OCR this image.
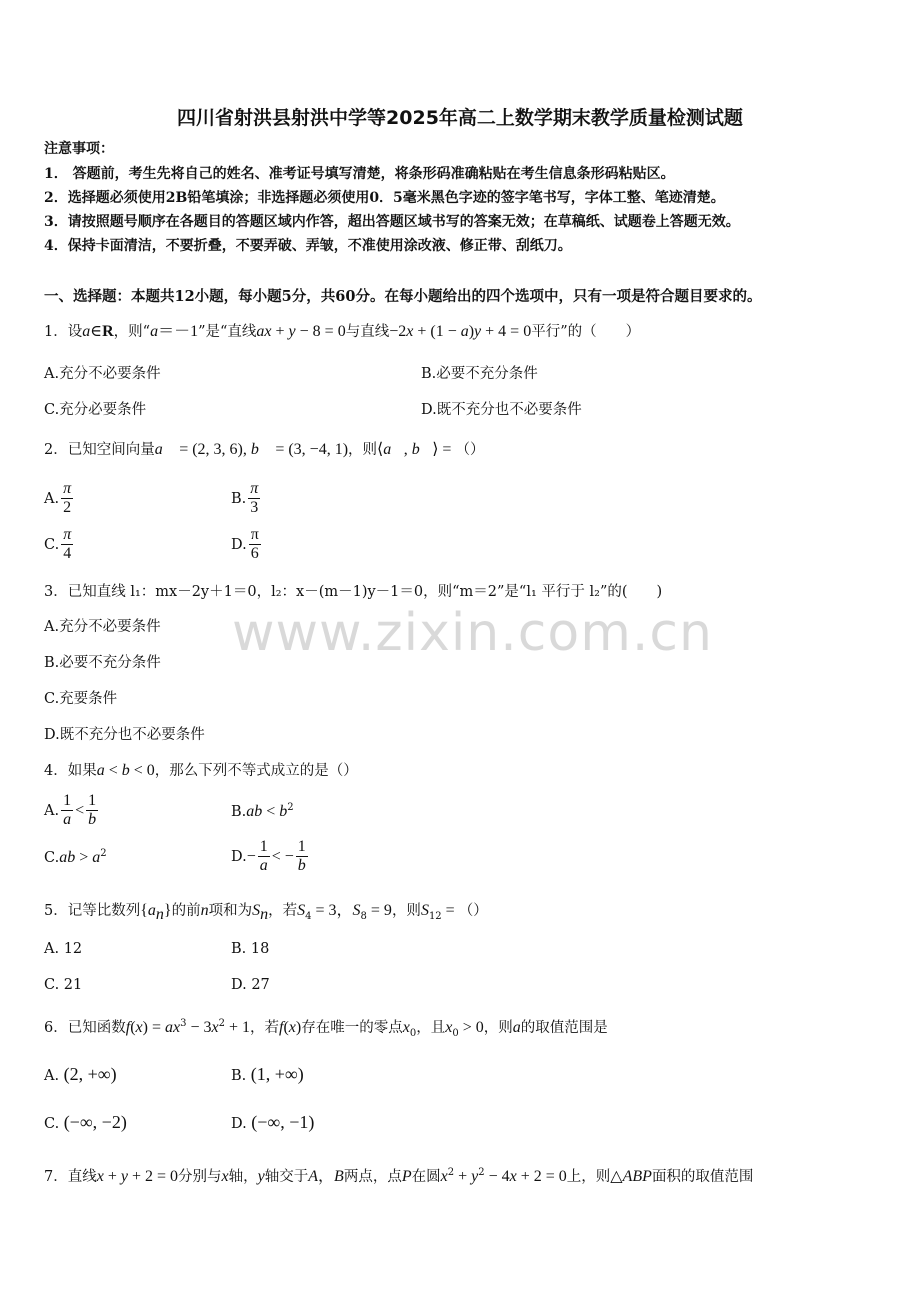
www.zixin.com.cn
四川省射洪县射洪中学等2025年高二上数学期末教学质量检测试题
注意事项：
1． 答题前，考生先将自己的姓名、准考证号填写清楚，将条形码准确粘贴在考生信息条形码粘贴区。
2．选择题必须使用2B铅笔填涂；非选择题必须使用0．5毫米黑色字迹的签字笔书写，字体工整、笔迹清楚。
3．请按照题号顺序在各题目的答题区域内作答，超出答题区域书写的答案无效；在草稿纸、试题卷上答题无效。
4．保持卡面清洁，不要折叠，不要弄破、弄皱，不准使用涂改液、修正带、刮纸刀。
一、选择题：本题共12小题，每小题5分，共60分。在每小题给出的四个选项中，只有一项是符合题目要求的。
1．设a∈R，则“a＝－1”是“直线ax + y − 8 = 0与直线−2x + (1 − a)y + 4 = 0平行”的（　　）
A.充分不必要条件	B.必要不充分条件
C.充分必要条件	D.既不充分也不必要条件
2．已知空间向量a⃗ = (2, 3, 6), b⃗ = (3, −4, 1)，则⟨a⃗, b⃗⟩ = （）
A. $\frac{\pi}{2}$	B. $\frac{\pi}{3}$
C. $\frac{\pi}{4}$	D. $\frac{\pi}{6}$
3．已知直线 l₁：mx－2y＋1＝0，l₂：x－(m－1)y－1＝0，则“m＝2”是“l₁ 平行于 l₂”的(　　)
A.充分不必要条件
B.必要不充分条件
C.充要条件
D.既不充分也不必要条件
4．如果a < b < 0，那么下列不等式成立的是（）
A. $\frac{1}{a} < \frac{1}{b}$	$B.ab < b^2$
$C.ab > a^2$	$D.- \frac{1}{a}$ < − $\frac{1}{b}$
5．记等比数列$\{a_n\}$的前n项和为$S_n$，若$S_4 = 3$，$S_8 = 9$，则$S_{12}$ = （）
A. 12	B. 18
C. 21	D. 27
6．已知函数$f(x) = ax^3 - 3x^2 + 1$，若f(x)存在唯一的零点$x_0$，且$x_0 > 0$，则a的取值范围是
A. (2, +∞)	B. (1, +∞)
C. (−∞, −2)	D. (−∞, −1)
7．直线x + y + 2 = 0分别与x轴，y轴交于A，B两点，点P在圆$x^2 + y^2 - 4x + 2 = 0$上，则△ABP面积的取值范围
